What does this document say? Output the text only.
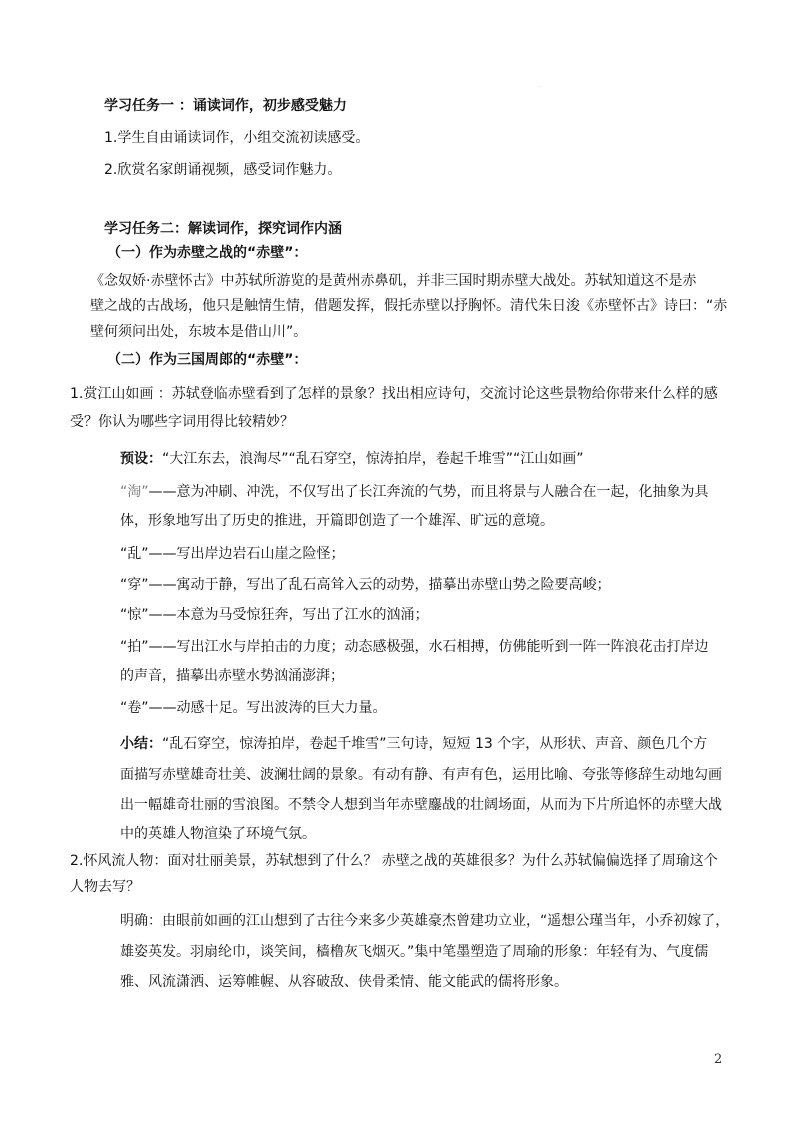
.
学习任务一 ：诵读词作，初步感受魅力
1.学生自由诵读词作，小组交流初读感受。
2.欣赏名家朗诵视频，感受词作魅力。
学习任务二：解读词作，探究词作内涵
（一）作为赤壁之战的“赤壁”：
《念奴娇·赤壁怀古》中苏轼所游览的是黄州赤鼻矶，并非三国时期赤壁大战处。苏轼知道这不是赤
壁之战的古战场，他只是触情生情，借题发挥，假托赤壁以抒胸怀。清代朱日浚《赤壁怀古》诗曰：“赤
壁何须问出处，东坡本是借山川”。
（二）作为三国周郎的“赤壁”：
1.赏江山如画 ：苏轼登临赤壁看到了怎样的景象？找出相应诗句，交流讨论这些景物给你带来什么样的感
受？你认为哪些字词用得比较精妙？
预设：“大江东去，浪淘尽”“乱石穿空，惊涛拍岸，卷起千堆雪”“江山如画”
“淘”——意为冲刷、冲洗，不仅写出了长江奔流的气势，而且将景与人融合在一起，化抽象为具
体，形象地写出了历史的推进，开篇即创造了一个雄浑、旷远的意境。
“乱”——写出岸边岩石山崖之险怪；
“穿”——寓动于静，写出了乱石高耸入云的动势，描摹出赤壁山势之险要高峻；
“惊”——本意为马受惊狂奔，写出了江水的汹涌；
“拍”——写出江水与岸拍击的力度；动态感极强，水石相搏，仿佛能听到一阵一阵浪花击打岸边
的声音，描摹出赤壁水势汹涌澎湃；
“卷”——动感十足。写出波涛的巨大力量。
小结：“乱石穿空，惊涛拍岸，卷起千堆雪”三句诗，短短 13 个字，从形状、声音、颜色几个方
面描写赤壁雄奇壮美、波澜壮阔的景象。有动有静、有声有色，运用比喻、夸张等修辞生动地勾画
出一幅雄奇壮丽的雪浪图。不禁令人想到当年赤壁鏖战的壮阔场面，从而为下片所追怀的赤壁大战
中的英雄人物渲染了环境气氛。
2.怀风流人物：面对壮丽美景，苏轼想到了什么？ 赤壁之战的英雄很多？为什么苏轼偏偏选择了周瑜这个
人物去写？
明确：由眼前如画的江山想到了古往今来多少英雄豪杰曾建功立业，“遥想公瑾当年，小乔初嫁了，
雄姿英发。羽扇纶巾，谈笑间，樯橹灰飞烟灭。”集中笔墨塑造了周瑜的形象：年轻有为、气度儒
雅、风流潇洒、运筹帷幄、从容破敌、侠骨柔情、能文能武的儒将形象。
2
